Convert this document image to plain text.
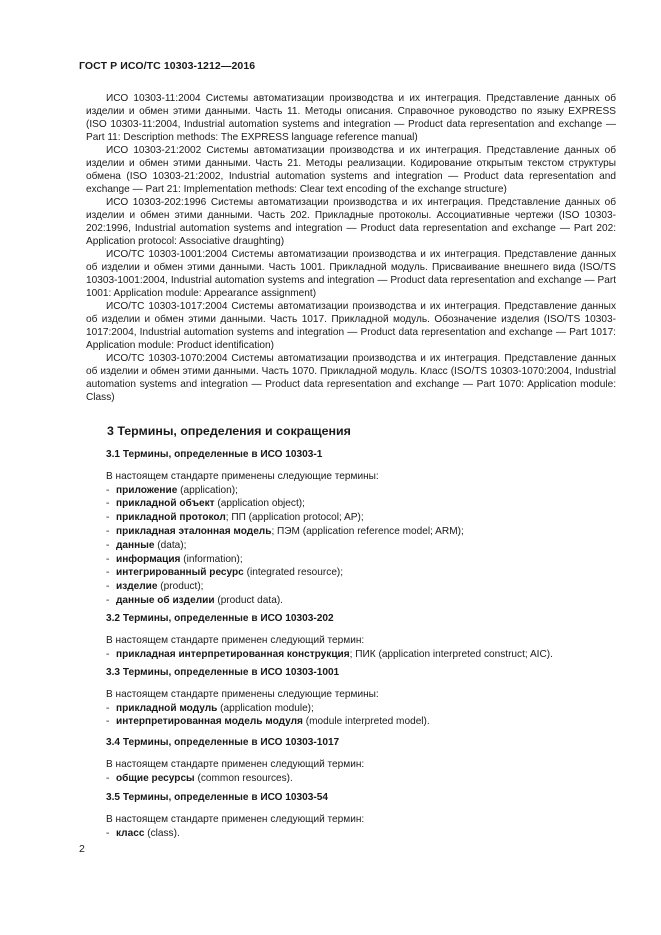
ГОСТ Р ИСО/ТС 10303-1212—2016

ИСО 10303-11:2004 Системы автоматизации производства и их интеграция. Представление данных об изделии и обмен этими данными. Часть 11. Методы описания. Справочное руководство по языку EXPRESS (ISO 10303-11:2004, Industrial automation systems and integration — Product data representation and exchange — Part 11: Description methods: The EXPRESS language reference manual)

ИСО 10303-21:2002 Системы автоматизации производства и их интеграция. Представление данных об изделии и обмен этими данными. Часть 21. Методы реализации. Кодирование открытым текстом структуры обмена (ISO 10303-21:2002, Industrial automation systems and integration — Product data representation and exchange — Part 21: Implementation methods: Clear text encoding of the exchange structure)

ИСО 10303-202:1996 Системы автоматизации производства и их интеграция. Представление данных об изделии и обмен этими данными. Часть 202. Прикладные протоколы. Ассоциативные чертежи (ISO 10303-202:1996, Industrial automation systems and integration — Product data representation and exchange — Part 202: Application protocol: Associative draughting)

ИСО/ТС 10303-1001:2004 Системы автоматизации производства и их интеграция. Представление данных об изделии и обмен этими данными. Часть 1001. Прикладной модуль. Присваивание внешнего вида (ISO/TS 10303-1001:2004, Industrial automation systems and integration — Product data representation and exchange — Part 1001: Application module: Appearance assignment)

ИСО/ТС 10303-1017:2004 Системы автоматизации производства и их интеграция. Представление данных об изделии и обмен этими данными. Часть 1017. Прикладной модуль. Обозначение изделия (ISO/TS 10303-1017:2004, Industrial automation systems and integration — Product data representation and exchange — Part 1017: Application module: Product identification)

ИСО/ТС 10303-1070:2004 Системы автоматизации производства и их интеграция. Представление данных об изделии и обмен этими данными. Часть 1070. Прикладной модуль. Класс (ISO/TS 10303-1070:2004, Industrial automation systems and integration — Product data representation and exchange — Part 1070: Application module: Class)

3 Термины, определения и сокращения
3.1 Термины, определенные в ИСО 10303-1

В настоящем стандарте применены следующие термины:

- приложение (application);
- прикладной объект (application object);
- прикладной протокол; ПП (application protocol; AP);
- прикладная эталонная модель; ПЭМ (application reference model; ARM);
- данные (data);
- информация (information);
- интегрированный ресурс (integrated resource);
- изделие (product);
- данные об изделии (product data).
3.2 Термины, определенные в ИСО 10303-202

В настоящем стандарте применен следующий термин:

- прикладная интерпретированная конструкция; ПИК (application interpreted construct; AIC).
3.3 Термины, определенные в ИСО 10303-1001

В настоящем стандарте применены следующие термины:

- прикладной модуль (application module);
- интерпретированная модель модуля (module interpreted model).
3.4 Термины, определенные в ИСО 10303-1017

В настоящем стандарте применен следующий термин:

- общие ресурсы (common resources).
3.5 Термины, определенные в ИСО 10303-54

В настоящем стандарте применен следующий термин:

- класс (class).
2
